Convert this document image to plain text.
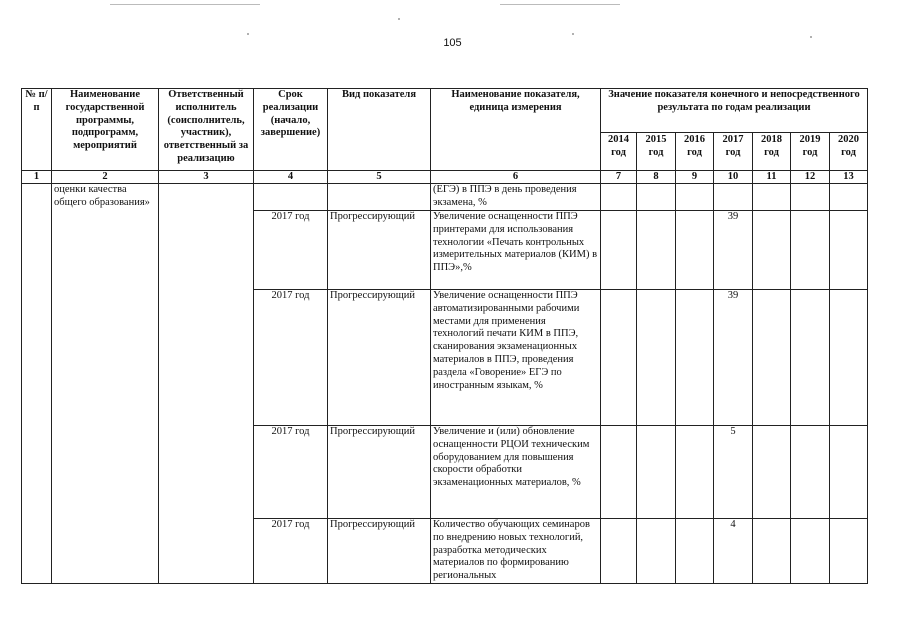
105
№ п/п	Наименование государственной программы, подпрограмм, мероприятий	Ответственный исполнитель (соисполнитель, участник), ответственный за реализацию	Срок реализации (начало, завершение)	Вид показателя	Наименование показателя, единица измерения	Значение показателя конечного и непосредственного результата по годам реализации						
						2014 год	2015 год	2016 год	2017 год	2018 год	2019 год	2020 год
1	2	3	4	5	6	7	8	9	10	11	12	13
	оценки качества общего образования»				(ЕГЭ) в ППЭ в день проведения экзамена, %							
			2017 год	Прогрессирующий	Увеличение оснащенности ППЭ принтерами для использования технологии «Печать контрольных измерительных материалов (КИМ) в ППЭ»,%				39			
			2017 год	Прогрессирующий	Увеличение оснащенности ППЭ автоматизированными рабочими местами для применения технологий печати КИМ в ППЭ, сканирования экзаменационных материалов в ППЭ, проведения раздела «Говорение» ЕГЭ по иностранным языкам, %				39			
			2017 год	Прогрессирующий	Увеличение и (или) обновление оснащенности РЦОИ техническим оборудованием для повышения скорости обработки экзаменационных материалов, %				5			
			2017 год	Прогрессирующий	Количество обучающих семинаров по внедрению новых технологий, разработка методических материалов по формированию региональных				4			
